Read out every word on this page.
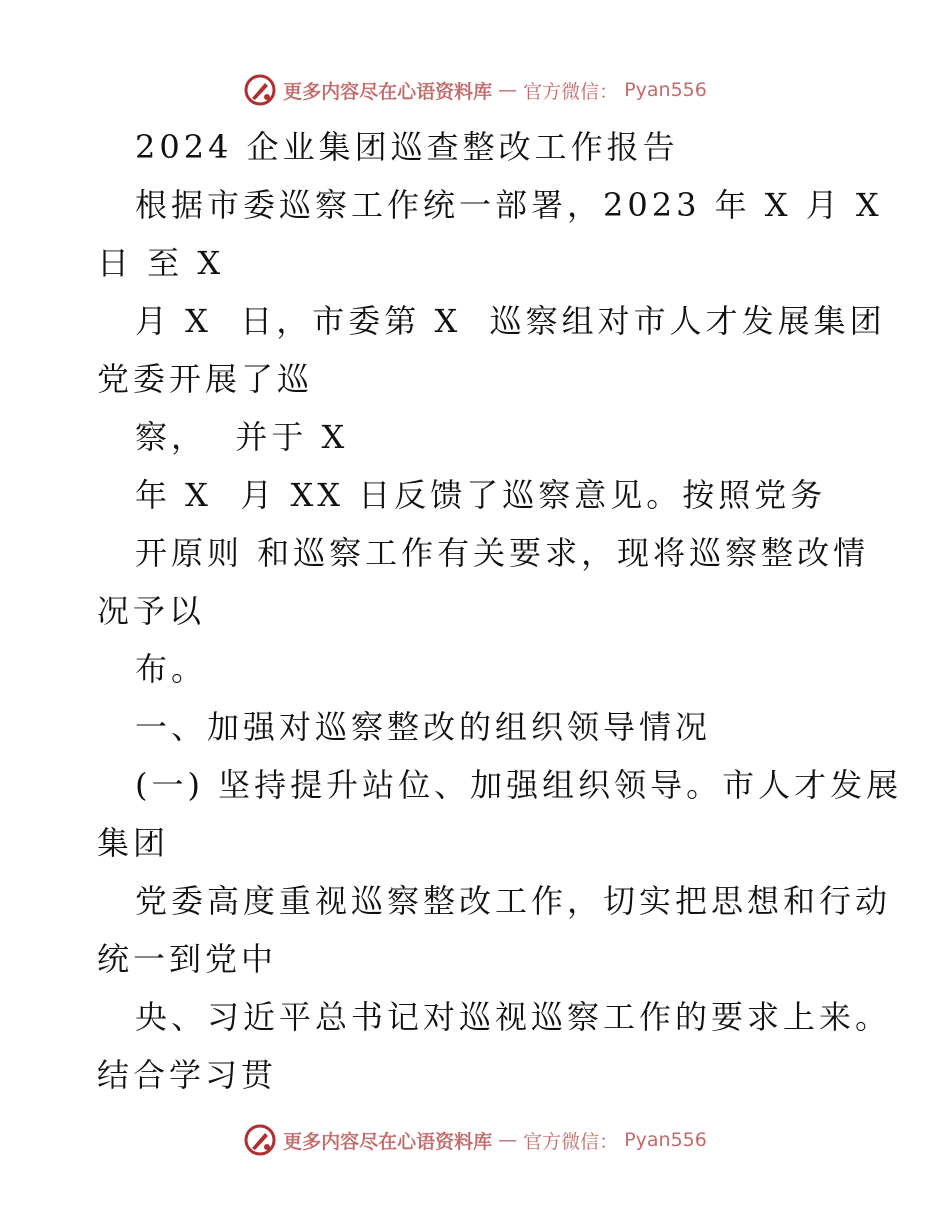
更多内容尽在心语资料库 — 官方微信： Pyan556
2024 企业集团巡查整改工作报告
根据市委巡察工作统一部署，2023 年 X 月 X
日 至 X
月 X  日，市委第 X  巡察组对市人才发展集团
党委开展了巡
察，  并于 X
年 X  月 XX 日反馈了巡察意见。按照党务
开原则 和巡察工作有关要求，现将巡察整改情
况予以
布。
一、加强对巡察整改的组织领导情况
(一) 坚持提升站位、加强组织领导。市人才发展
集团
党委高度重视巡察整改工作，切实把思想和行动
统一到党中
央、习近平总书记对巡视巡察工作的要求上来。
结合学习贯
更多内容尽在心语资料库 — 官方微信： Pyan556
